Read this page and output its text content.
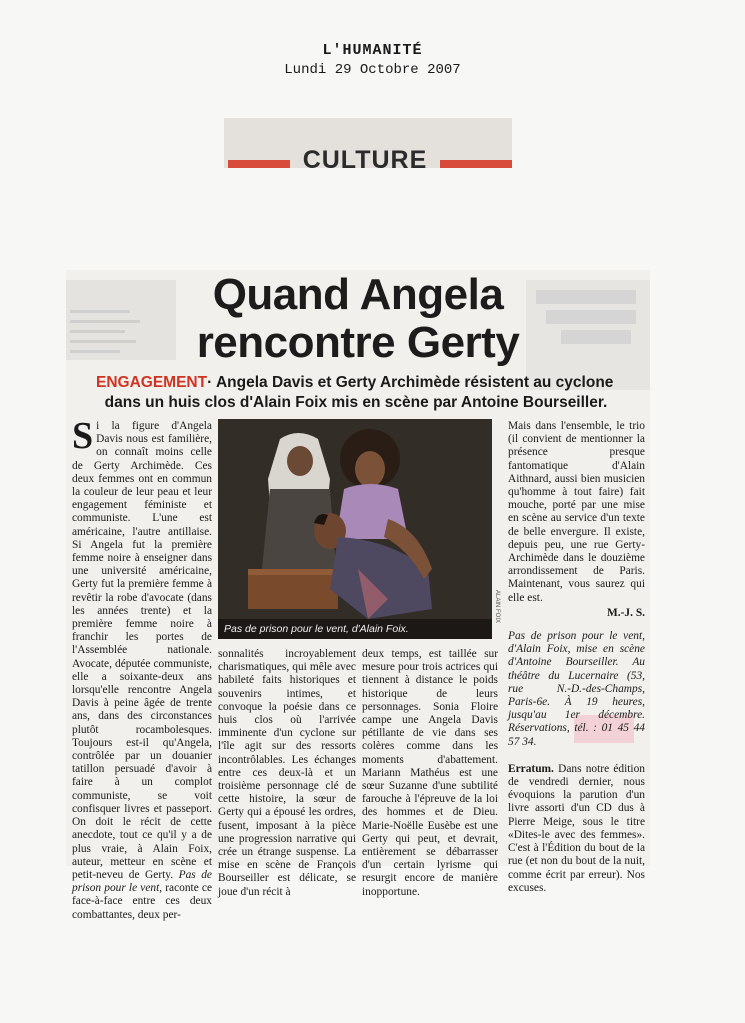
L'HUMANITÉ
Lundi 29 Octobre 2007
CULTURE
Quand Angela
rencontre Gerty
ENGAGEMENT· Angela Davis et Gerty Archimède résistent au cyclone
dans un huis clos d'Alain Foix mis en scène par Antoine Bourseiller.

Si la figure d'Angela Davis nous est familière, on connaît moins celle de Gerty Archimède. Ces deux femmes ont en commun la couleur de leur peau et leur engagement féministe et communiste. L'une est américaine, l'autre antillaise. Si Angela fut la première femme noire à enseigner dans une université américaine, Gerty fut la première femme à revêtir la robe d'avocate (dans les années trente) et la première femme noire à franchir les portes de l'Assemblée nationale. Avocate, députée communiste, elle a soixante-deux ans lorsqu'elle rencontre Angela Davis à peine âgée de trente ans, dans des circonstances plutôt rocambolesques. Toujours est-il qu'Angela, contrôlée par un douanier tatillon persuadé d'avoir à faire à un complot communiste, se voit confisquer livres et passeport. On doit le récit de cette anecdote, tout ce qu'il y a de plus vraie, à Alain Foix, auteur, metteur en scène et petit-neveu de Gerty. Pas de prison pour le vent, raconte ce face-à-face entre ces deux combattantes, deux per-

Pas de prison pour le vent, d'Alain Foix.
ALAIN FOIX

sonnalités incroyablement charismatiques, qui mêle avec habileté faits historiques et souvenirs intimes, et convoque la poésie dans ce huis clos où l'arrivée imminente d'un cyclone sur l'île agit sur des ressorts incontrôlables. Les échanges entre ces deux-là et un troisième personnage clé de cette histoire, la sœur de Gerty qui a épousé les ordres, fusent, imposant à la pièce une progression narrative qui crée un étrange suspense. La mise en scène de François Bourseiller est délicate, se joue d'un récit à

deux temps, est taillée sur mesure pour trois actrices qui tiennent à distance le poids historique de leurs personnages. Sonia Floire campe une Angela Davis pétillante de vie dans ses colères comme dans les moments d'abattement. Mariann Mathéus est une sœur Suzanne d'une subtilité farouche à l'épreuve de la loi des hommes et de Dieu. Marie-Noëlle Eusèbe est une Gerty qui peut, et devrait, entièrement se débarrasser d'un certain lyrisme qui resurgit encore de manière inopportune.

Mais dans l'ensemble, le trio (il convient de mentionner la présence presque fantomatique d'Alain Aithnard, aussi bien musicien qu'homme à tout faire) fait mouche, porté par une mise en scène au service d'un texte de belle envergure. Il existe, depuis peu, une rue Gerty-Archimède dans le douzième arrondissement de Paris. Maintenant, vous saurez qui elle est.

M.-J. S.

Pas de prison pour le vent, d'Alain Foix, mise en scène d'Antoine Bourseiller. Au théâtre du Lucernaire (53, rue N.-D.-des-Champs, Paris-6e. À 19 heures, jusqu'au 1er décembre. Réservations, tél. : 01 45 44 57 34.

Erratum. Dans notre édition de vendredi dernier, nous évoquions la parution d'un livre assorti d'un CD dus à Pierre Meige, sous le titre «Dites-le avec des femmes». C'est à l'Édition du bout de la rue (et non du bout de la nuit, comme écrit par erreur). Nos excuses.
